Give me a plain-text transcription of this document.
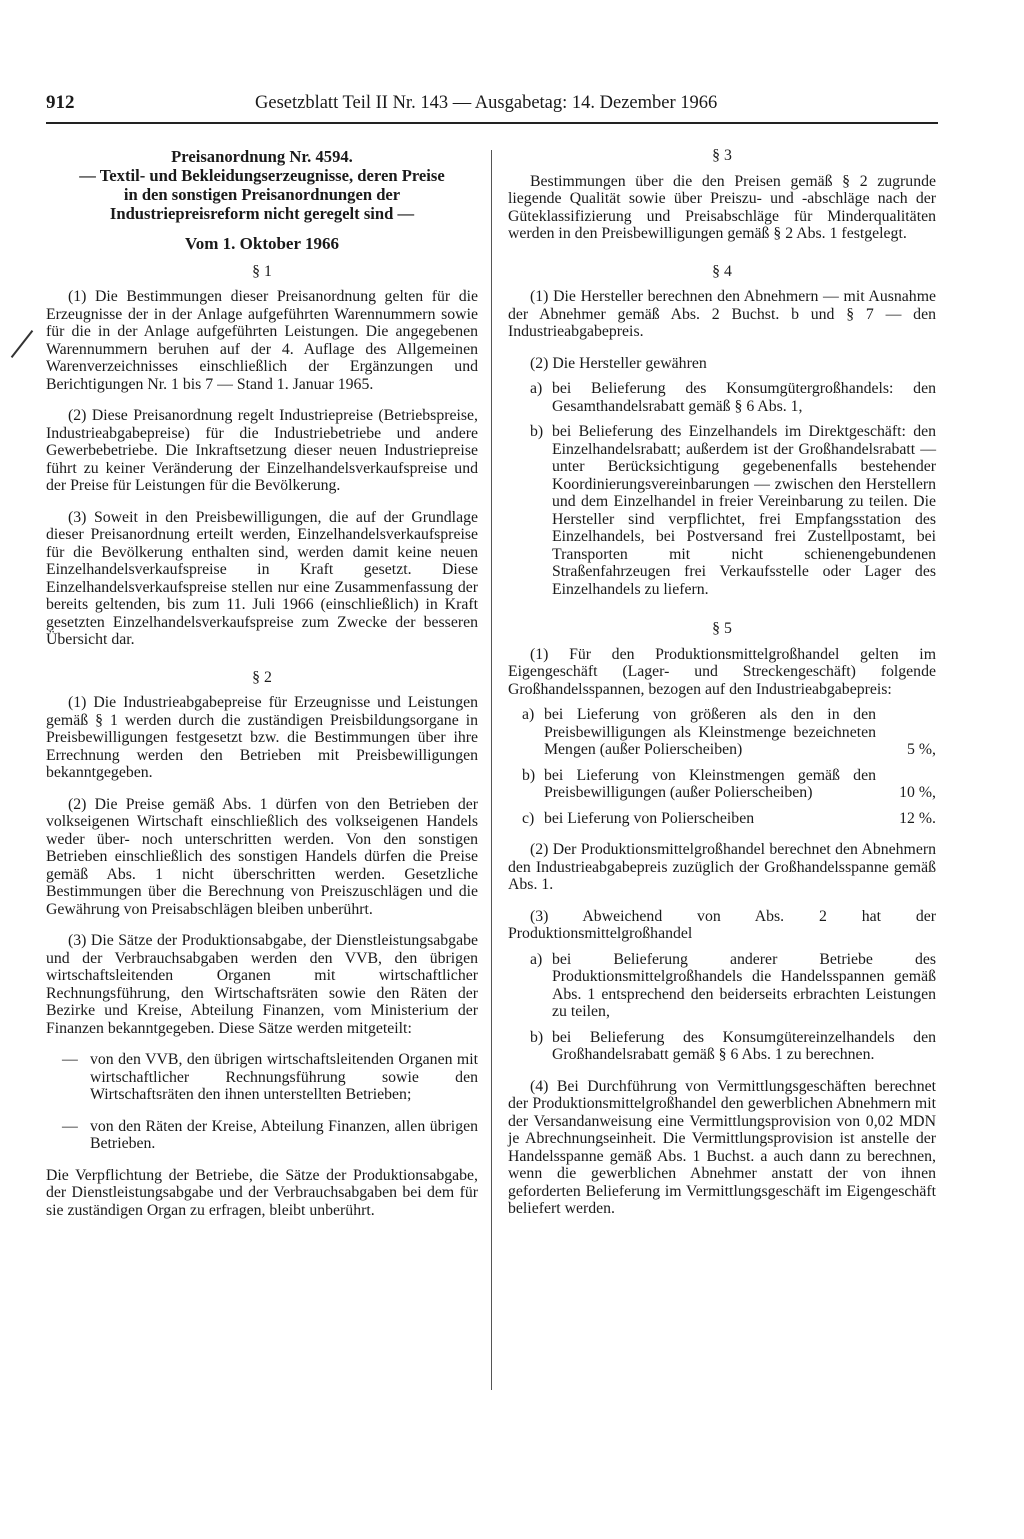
912	Gesetzblatt Teil II Nr. 143 — Ausgabetag: 14. Dezember 1966
Preisanordnung Nr. 4594.
— Textil- und Bekleidungserzeugnisse, deren Preise
in den sonstigen Preisanordnungen der
Industriepreisreform nicht geregelt sind —
Vom 1. Oktober 1966
§ 1

(1) Die Bestimmungen dieser Preisanordnung gelten für die Erzeugnisse der in der Anlage aufgeführten Warennummern sowie für die in der Anlage aufgeführten Leistungen. Die angegebenen Warennummern beruhen auf der 4. Auflage des Allgemeinen Warenverzeichnisses einschließlich der Ergänzungen und Berichtigungen Nr. 1 bis 7 — Stand 1. Januar 1965.

(2) Diese Preisanordnung regelt Industriepreise (Betriebspreise, Industrieabgabepreise) für die Industriebetriebe und andere Gewerbebetriebe. Die Inkraftsetzung dieser neuen Industriepreise führt zu keiner Veränderung der Einzelhandelsverkaufspreise und der Preise für Leistungen für die Bevölkerung.

(3) Soweit in den Preisbewilligungen, die auf der Grundlage dieser Preisanordnung erteilt werden, Einzelhandelsverkaufspreise für die Bevölkerung enthalten sind, werden damit keine neuen Einzelhandelsverkaufspreise in Kraft gesetzt. Diese Einzelhandelsverkaufspreise stellen nur eine Zusammenfassung der bereits geltenden, bis zum 11. Juli 1966 (einschließlich) in Kraft gesetzten Einzelhandelsverkaufspreise zum Zwecke der besseren Übersicht dar.

§ 2

(1) Die Industrieabgabepreise für Erzeugnisse und Leistungen gemäß § 1 werden durch die zuständigen Preisbildungsorgane in Preisbewilligungen festgesetzt bzw. die Bestimmungen über ihre Errechnung werden den Betrieben mit Preisbewilligungen bekanntgegeben.

(2) Die Preise gemäß Abs. 1 dürfen von den Betrieben der volkseigenen Wirtschaft einschließlich des volkseigenen Handels weder über- noch unterschritten werden. Von den sonstigen Betrieben einschließlich des sonstigen Handels dürfen die Preise gemäß Abs. 1 nicht überschritten werden. Gesetzliche Bestimmungen über die Berechnung von Preiszuschlägen und die Gewährung von Preisabschlägen bleiben unberührt.

(3) Die Sätze der Produktionsabgabe, der Dienstleistungsabgabe und der Verbrauchsabgaben werden den VVB, den übrigen wirtschaftsleitenden Organen mit wirtschaftlicher Rechnungsführung, den Wirtschaftsräten sowie den Räten der Bezirke und Kreise, Abteilung Finanzen, vom Ministerium der Finanzen bekanntgegeben. Diese Sätze werden mitgeteilt:

— von den VVB, den übrigen wirtschaftsleitenden Organen mit wirtschaftlicher Rechnungsführung sowie den Wirtschaftsräten den ihnen unterstellten Betrieben;
— von den Räten der Kreise, Abteilung Finanzen, allen übrigen Betrieben.

Die Verpflichtung der Betriebe, die Sätze der Produktionsabgabe, der Dienstleistungsabgabe und der Verbrauchsabgaben bei dem für sie zuständigen Organ zu erfragen, bleibt unberührt.

§ 3

Bestimmungen über die den Preisen gemäß § 2 zugrunde liegende Qualität sowie über Preiszu- und -abschläge nach der Güteklassifizierung und Preisabschläge für Minderqualitäten werden in den Preisbewilligungen gemäß § 2 Abs. 1 festgelegt.

§ 4

(1) Die Hersteller berechnen den Abnehmern — mit Ausnahme der Abnehmer gemäß Abs. 2 Buchst. b und § 7 — den Industrieabgabepreis.

(2) Die Hersteller gewähren

a) bei Belieferung des Konsumgütergroßhandels: den Gesamthandelsrabatt gemäß § 6 Abs. 1,
b) bei Belieferung des Einzelhandels im Direktgeschäft: den Einzelhandelsrabatt; außerdem ist der Großhandelsrabatt — unter Berücksichtigung gegebenenfalls bestehender Koordinierungsvereinbarungen — zwischen den Herstellern und dem Einzelhandel in freier Vereinbarung zu teilen. Die Hersteller sind verpflichtet, frei Empfangsstation des Einzelhandels, bei Postversand frei Zustellpostamt, bei Transporten mit nicht schienengebundenen Straßenfahrzeugen frei Verkaufsstelle oder Lager des Einzelhandels zu liefern.
§ 5

(1) Für den Produktionsmittelgroßhandel gelten im Eigengeschäft (Lager- und Streckengeschäft) folgende Großhandelsspannen, bezogen auf den Industrieabgabepreis:

a) bei Lieferung von größeren als den in den Preisbewilligungen als Kleinstmenge bezeichneten Mengen (außer Polierscheiben)	5 %,
b) bei Lieferung von Kleinstmengen gemäß den Preisbewilligungen (außer Polierscheiben)	10 %,
c) bei Lieferung von Polierscheiben	12 %.

(2) Der Produktionsmittelgroßhandel berechnet den Abnehmern den Industrieabgabepreis zuzüglich der Großhandelsspanne gemäß Abs. 1.

(3) Abweichend von Abs. 2 hat der Produktionsmittelgroßhandel

a) bei Belieferung anderer Betriebe des Produktionsmittelgroßhandels die Handelsspannen gemäß Abs. 1 entsprechend den beiderseits erbrachten Leistungen zu teilen,
b) bei Belieferung des Konsumgütereinzelhandels den Großhandelsrabatt gemäß § 6 Abs. 1 zu berechnen.

(4) Bei Durchführung von Vermittlungsgeschäften berechnet der Produktionsmittelgroßhandel den gewerblichen Abnehmern mit der Versandanweisung eine Vermittlungsprovision von 0,02 MDN je Abrechnungseinheit. Die Vermittlungsprovision ist anstelle der Handelsspanne gemäß Abs. 1 Buchst. a auch dann zu berechnen, wenn die gewerblichen Abnehmer anstatt der von ihnen geforderten Belieferung im Vermittlungsgeschäft im Eigengeschäft beliefert werden.
